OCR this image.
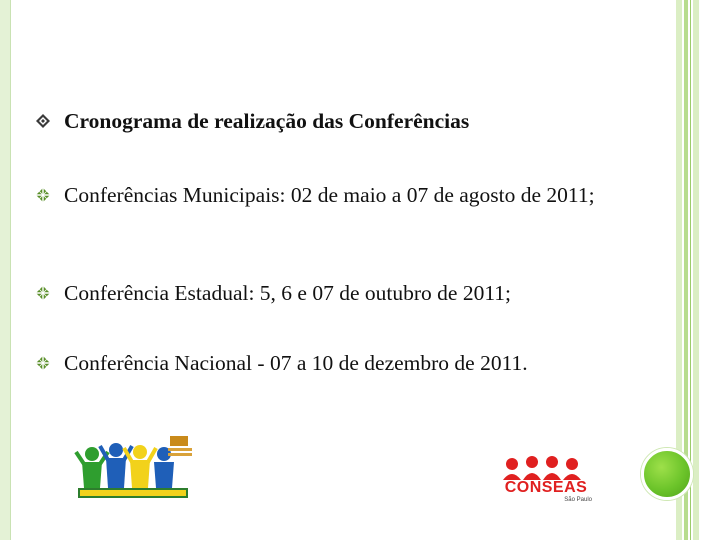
Cronograma de realização das Conferências
Conferências Municipais: 02 de maio a 07 de agosto de 2011;
Conferência Estadual: 5, 6 e 07 de outubro de 2011;
Conferência Nacional - 07 a 10 de dezembro de 2011.
CONSEAS
São Paulo
